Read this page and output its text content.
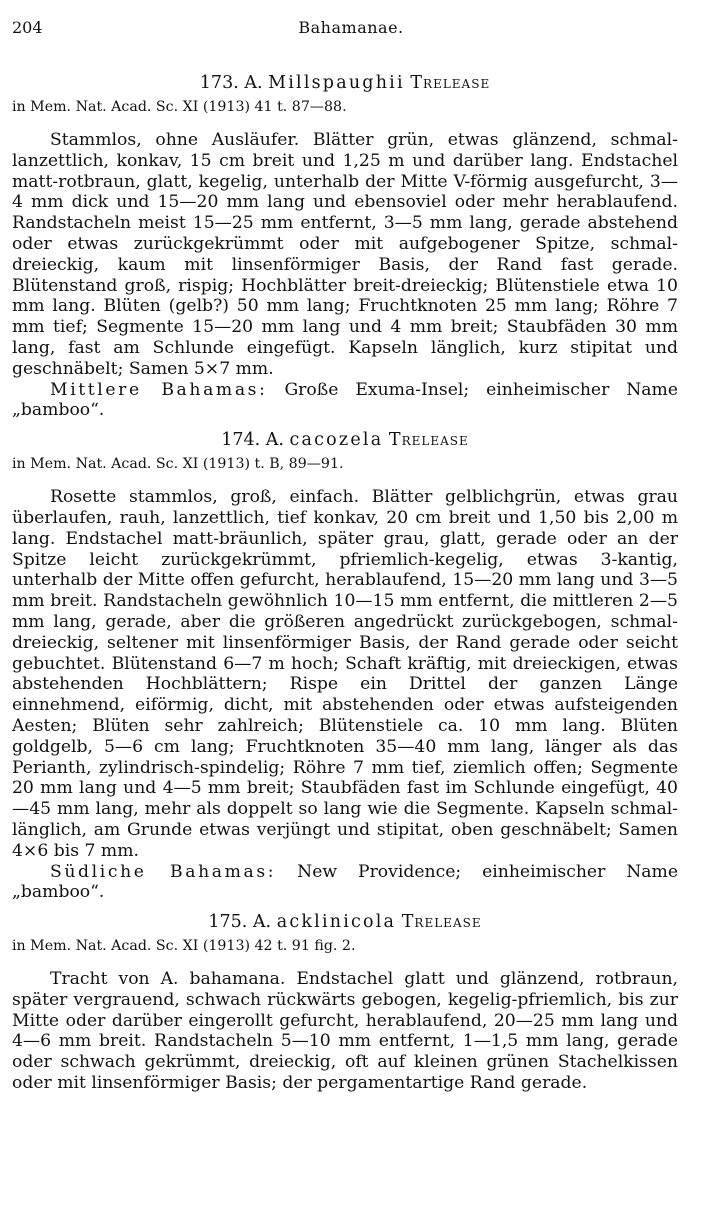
204	Bahamanae.
173. A. Millspaughii Trelease
in Mem. Nat. Acad. Sc. XI (1913) 41 t. 87—88.

Stammlos, ohne Ausläufer. Blätter grün, etwas glänzend, schmal-lanzettlich, konkav, 15 cm breit und 1,25 m und darüber lang. Endstachel matt-rotbraun, glatt, kegelig, unterhalb der Mitte V-förmig ausgefurcht, 3—4 mm dick und 15—20 mm lang und ebensoviel oder mehr herablaufend. Randstacheln meist 15—25 mm entfernt, 3—5 mm lang, gerade abstehend oder etwas zurückgekrümmt oder mit aufgebogener Spitze, schmal-dreieckig, kaum mit linsenförmiger Basis, der Rand fast gerade. Blütenstand groß, rispig; Hochblätter breit-dreieckig; Blütenstiele etwa 10 mm lang. Blüten (gelb?) 50 mm lang; Fruchtknoten 25 mm lang; Röhre 7 mm tief; Segmente 15—20 mm lang und 4 mm breit; Staubfäden 30 mm lang, fast am Schlunde eingefügt. Kapseln länglich, kurz stipitat und geschnäbelt; Samen 5×7 mm.

Mittlere Bahamas: Große Exuma-Insel; einheimischer Name „bamboo“.

174. A. cacozela Trelease
in Mem. Nat. Acad. Sc. XI (1913) t. B, 89—91.

Rosette stammlos, groß, einfach. Blätter gelblichgrün, etwas grau überlaufen, rauh, lanzettlich, tief konkav, 20 cm breit und 1,50 bis 2,00 m lang. Endstachel matt-bräunlich, später grau, glatt, gerade oder an der Spitze leicht zurückgekrümmt, pfriemlich-kegelig, etwas 3-kantig, unterhalb der Mitte offen gefurcht, herablaufend, 15—20 mm lang und 3—5 mm breit. Randstacheln gewöhnlich 10—15 mm entfernt, die mittleren 2—5 mm lang, gerade, aber die größeren angedrückt zurückgebogen, schmal-dreieckig, seltener mit linsenförmiger Basis, der Rand gerade oder seicht gebuchtet. Blütenstand 6—7 m hoch; Schaft kräftig, mit dreieckigen, etwas abstehenden Hochblättern; Rispe ein Drittel der ganzen Länge einnehmend, eiförmig, dicht, mit abstehenden oder etwas aufsteigenden Aesten; Blüten sehr zahlreich; Blütenstiele ca. 10 mm lang. Blüten goldgelb, 5—6 cm lang; Fruchtknoten 35—40 mm lang, länger als das Perianth, zylindrisch-spindelig; Röhre 7 mm tief, ziemlich offen; Segmente 20 mm lang und 4—5 mm breit; Staubfäden fast im Schlunde eingefügt, 40—45 mm lang, mehr als doppelt so lang wie die Segmente. Kapseln schmal-länglich, am Grunde etwas verjüngt und stipitat, oben geschnäbelt; Samen 4×6 bis 7 mm.

Südliche Bahamas: New Providence; einheimischer Name „bamboo“.

175. A. acklinicola Trelease
in Mem. Nat. Acad. Sc. XI (1913) 42 t. 91 fig. 2.

Tracht von A. bahamana. Endstachel glatt und glänzend, rotbraun, später vergrauend, schwach rückwärts gebogen, kegelig-pfriemlich, bis zur Mitte oder darüber eingerollt gefurcht, herablaufend, 20—25 mm lang und 4—6 mm breit. Randstacheln 5—10 mm entfernt, 1—1,5 mm lang, gerade oder schwach gekrümmt, dreieckig, oft auf kleinen grünen Stachelkissen oder mit linsenförmiger Basis; der pergamentartige Rand gerade.
